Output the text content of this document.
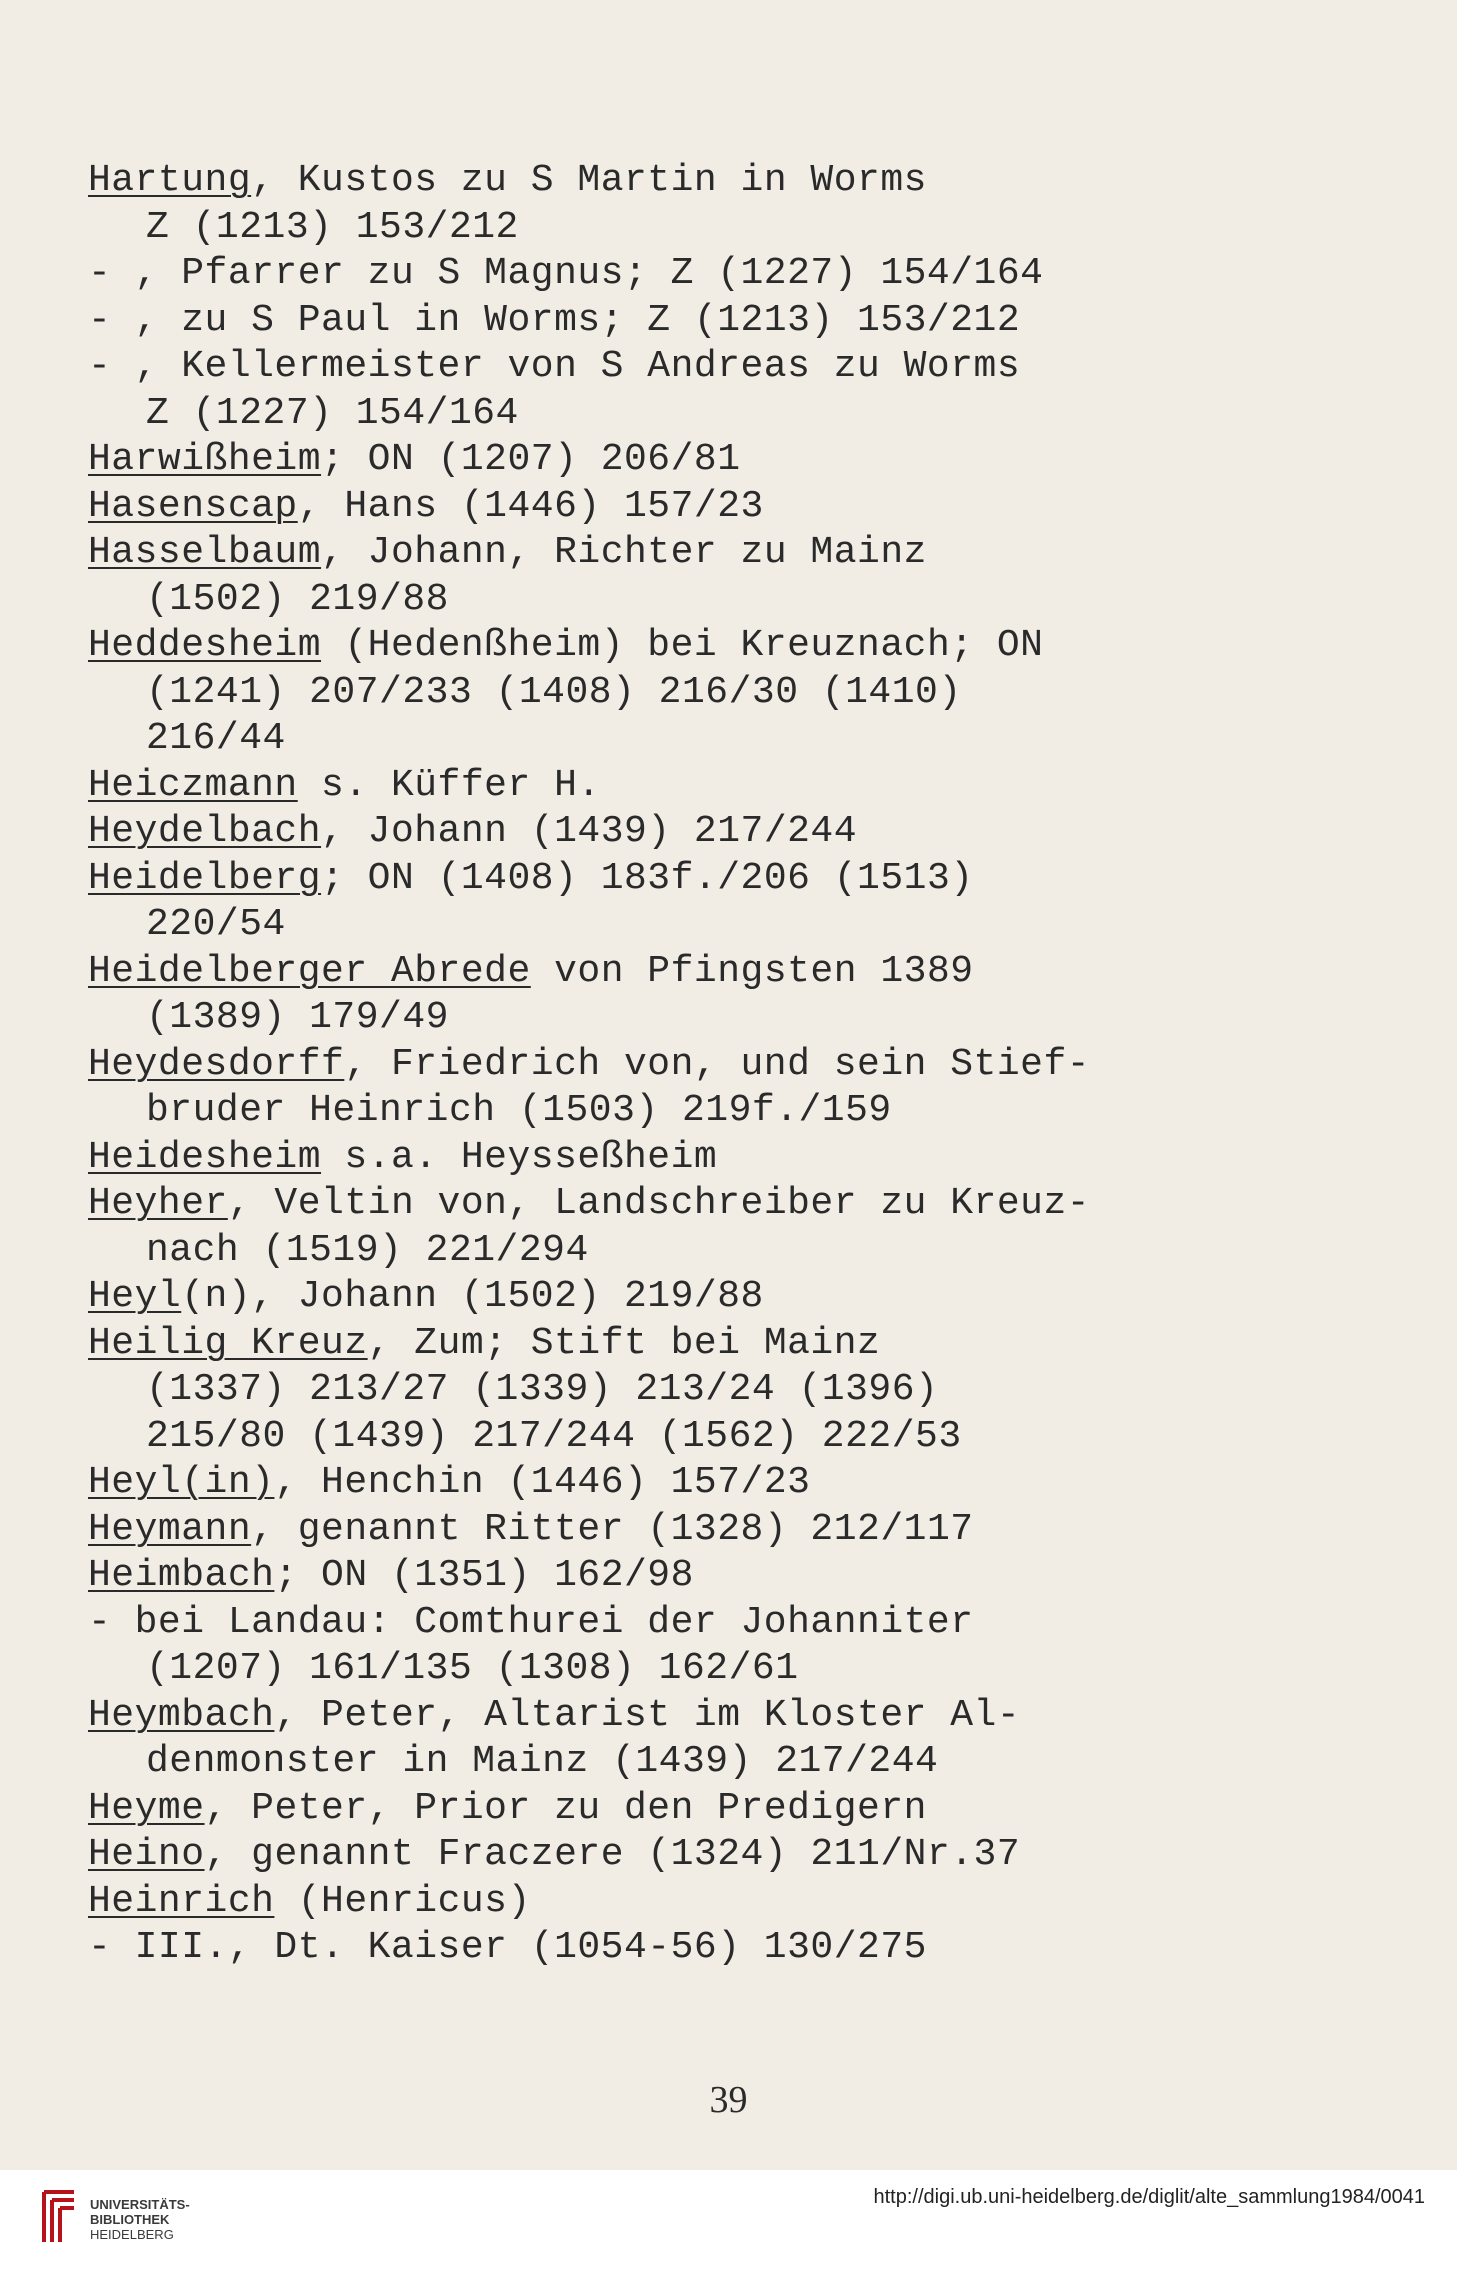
Hartung, Kustos zu S Martin in Worms
Z (1213) 153/212
- , Pfarrer zu S Magnus; Z (1227) 154/164
- , zu S Paul in Worms; Z (1213) 153/212
- , Kellermeister von S Andreas zu Worms
Z (1227) 154/164
Harwißheim; ON (1207) 206/81
Hasenscap, Hans (1446) 157/23
Hasselbaum, Johann, Richter zu Mainz
(1502) 219/88
Heddesheim (Hedenßheim) bei Kreuznach; ON
(1241) 207/233 (1408) 216/30 (1410)
216/44
Heiczmann s. Küffer H.
Heydelbach, Johann (1439) 217/244
Heidelberg; ON (1408) 183f./206 (1513)
220/54
Heidelberger Abrede von Pfingsten 1389
(1389) 179/49
Heydesdorff, Friedrich von, und sein Stief-
bruder Heinrich (1503) 219f./159
Heidesheim s.a. Heysseßheim
Heyher, Veltin von, Landschreiber zu Kreuz-
nach (1519) 221/294
Heyl(n), Johann (1502) 219/88
Heilig Kreuz, Zum; Stift bei Mainz
(1337) 213/27 (1339) 213/24 (1396)
215/80 (1439) 217/244 (1562) 222/53
Heyl(in), Henchin (1446) 157/23
Heymann, genannt Ritter (1328) 212/117
Heimbach; ON (1351) 162/98
- bei Landau: Comthurei der Johanniter
(1207) 161/135 (1308) 162/61
Heymbach, Peter, Altarist im Kloster Al-
denmonster in Mainz (1439) 217/244
Heyme, Peter, Prior zu den Predigern
Heino, genannt Fraczere (1324) 211/Nr.37
Heinrich (Henricus)
- III., Dt. Kaiser (1054-56) 130/275
39
UNIVERSITÄTS-
BIBLIOTHEK
HEIDELBERG
http://digi.ub.uni-heidelberg.de/diglit/alte_sammlung1984/0041
